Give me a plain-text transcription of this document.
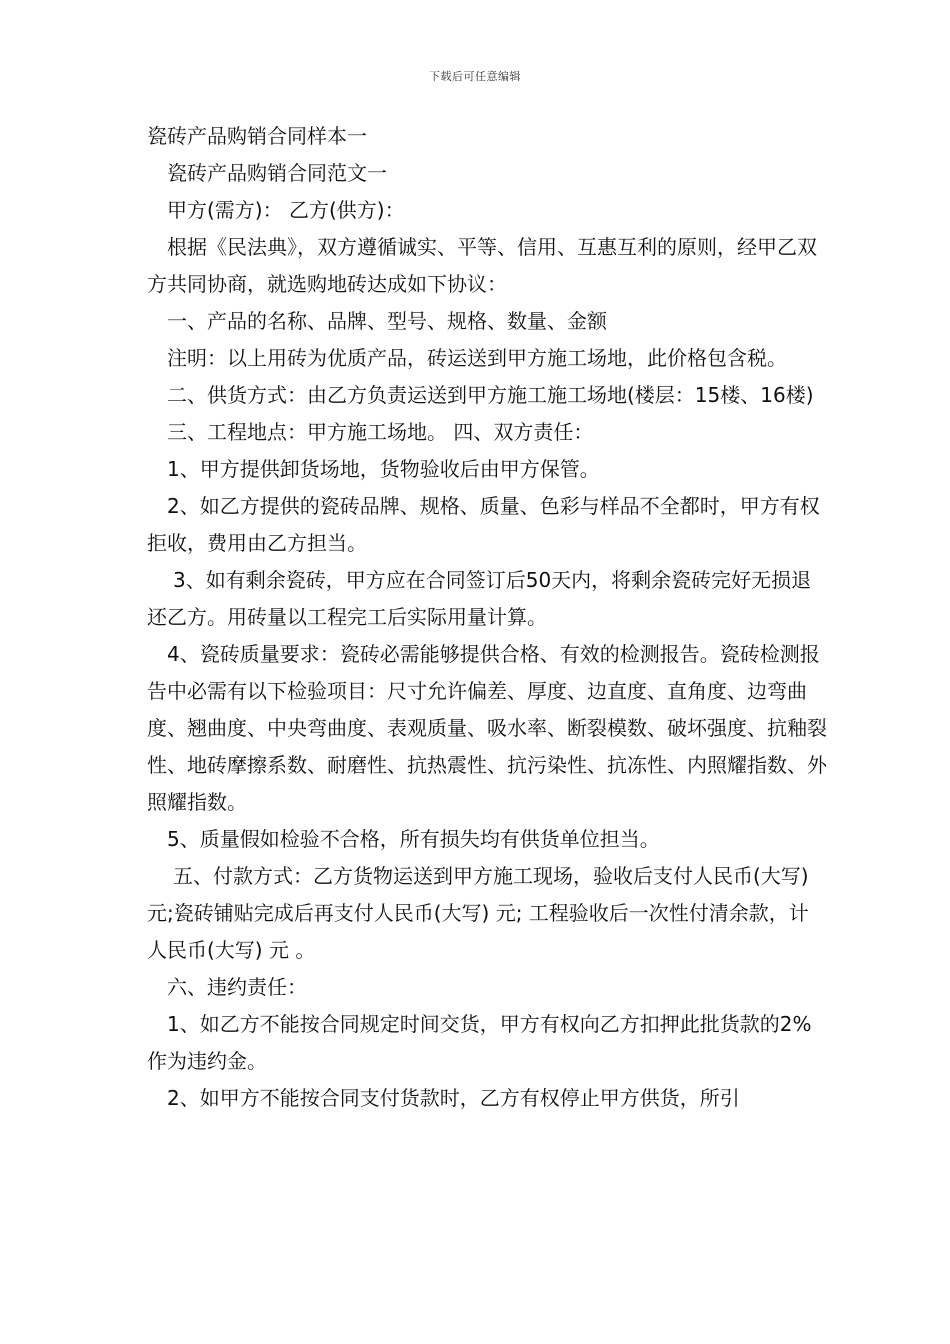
下载后可任意编辑

瓷砖产品购销合同样本一

瓷砖产品购销合同范文一

甲方(需方)： 乙方(供方)：

根据《民法典》，双方遵循诚实、平等、信用、互惠互利的原则，经甲乙双方共同协商，就选购地砖达成如下协议：

一、产品的名称、品牌、型号、规格、数量、金额

注明：以上用砖为优质产品，砖运送到甲方施工场地，此价格包含税。

二、供货方式：由乙方负责运送到甲方施工施工场地(楼层：15楼、16楼)

三、工程地点：甲方施工场地。 四、双方责任：

1、甲方提供卸货场地，货物验收后由甲方保管。

2、如乙方提供的瓷砖品牌、规格、质量、色彩与样品不全都时，甲方有权拒收，费用由乙方担当。

3、如有剩余瓷砖，甲方应在合同签订后50天内，将剩余瓷砖完好无损退还乙方。用砖量以工程完工后实际用量计算。

4、瓷砖质量要求：瓷砖必需能够提供合格、有效的检测报告。瓷砖检测报告中必需有以下检验项目：尺寸允许偏差、厚度、边直度、直角度、边弯曲度、翘曲度、中央弯曲度、表观质量、吸水率、断裂模数、破坏强度、抗釉裂性、地砖摩擦系数、耐磨性、抗热震性、抗污染性、抗冻性、内照耀指数、外照耀指数。

5、质量假如检验不合格，所有损失均有供货单位担当。

五、付款方式：乙方货物运送到甲方施工现场，验收后支付人民币(大写) 元;瓷砖铺贴完成后再支付人民币(大写) 元; 工程验收后一次性付清余款，计人民币(大写) 元 。

六、违约责任：

1、如乙方不能按合同规定时间交货，甲方有权向乙方扣押此批货款的2%作为违约金。

2、如甲方不能按合同支付货款时，乙方有权停止甲方供货，所引
